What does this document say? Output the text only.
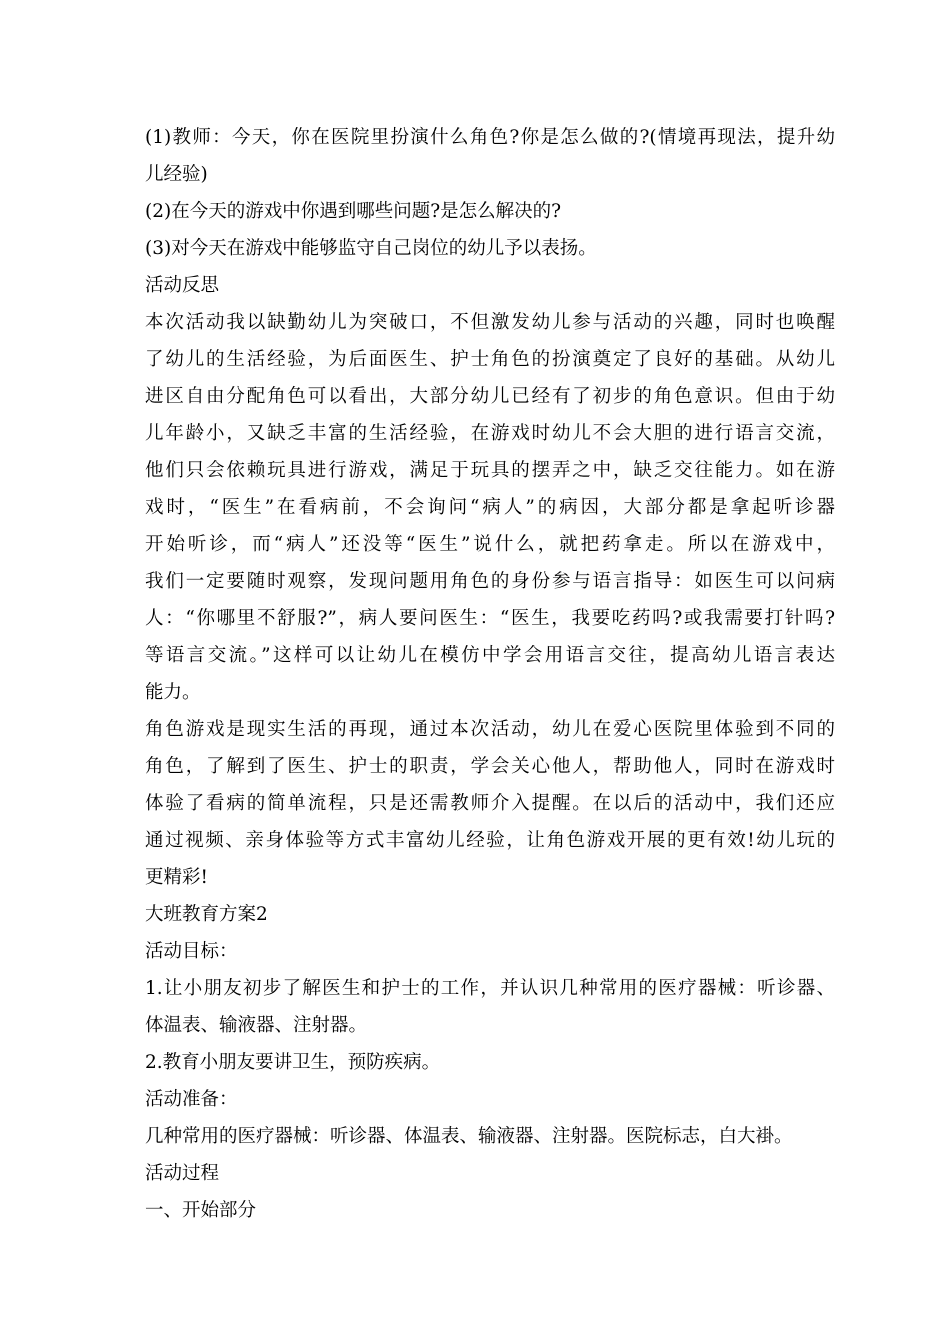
(1)教师：今天，你在医院里扮演什么角色?你是怎么做的?(情境再现法，提升幼
儿经验)
(2)在今天的游戏中你遇到哪些问题?是怎么解决的?
(3)对今天在游戏中能够监守自己岗位的幼儿予以表扬。
活动反思
本次活动我以缺勤幼儿为突破口，不但激发幼儿参与活动的兴趣，同时也唤醒
了幼儿的生活经验，为后面医生、护士角色的扮演奠定了良好的基础。从幼儿
进区自由分配角色可以看出，大部分幼儿已经有了初步的角色意识。但由于幼
儿年龄小，又缺乏丰富的生活经验，在游戏时幼儿不会大胆的进行语言交流，
他们只会依赖玩具进行游戏，满足于玩具的摆弄之中，缺乏交往能力。如在游
戏时，“医生”在看病前，不会询问“病人”的病因，大部分都是拿起听诊器
开始听诊，而“病人”还没等“医生”说什么，就把药拿走。所以在游戏中，
我们一定要随时观察，发现问题用角色的身份参与语言指导：如医生可以问病
人：“你哪里不舒服?”，病人要问医生：“医生，我要吃药吗?或我需要打针吗?
等语言交流。”这样可以让幼儿在模仿中学会用语言交往，提高幼儿语言表达
能力。
角色游戏是现实生活的再现，通过本次活动，幼儿在爱心医院里体验到不同的
角色，了解到了医生、护士的职责，学会关心他人，帮助他人，同时在游戏时
体验了看病的简单流程，只是还需教师介入提醒。在以后的活动中，我们还应
通过视频、亲身体验等方式丰富幼儿经验，让角色游戏开展的更有效!幼儿玩的
更精彩!
大班教育方案2
活动目标：
1.让小朋友初步了解医生和护士的工作，并认识几种常用的医疗器械：听诊器、
体温表、输液器、注射器。
2.教育小朋友要讲卫生，预防疾病。
活动准备：
几种常用的医疗器械：听诊器、体温表、输液器、注射器。医院标志，白大褂。
活动过程
一、开始部分
